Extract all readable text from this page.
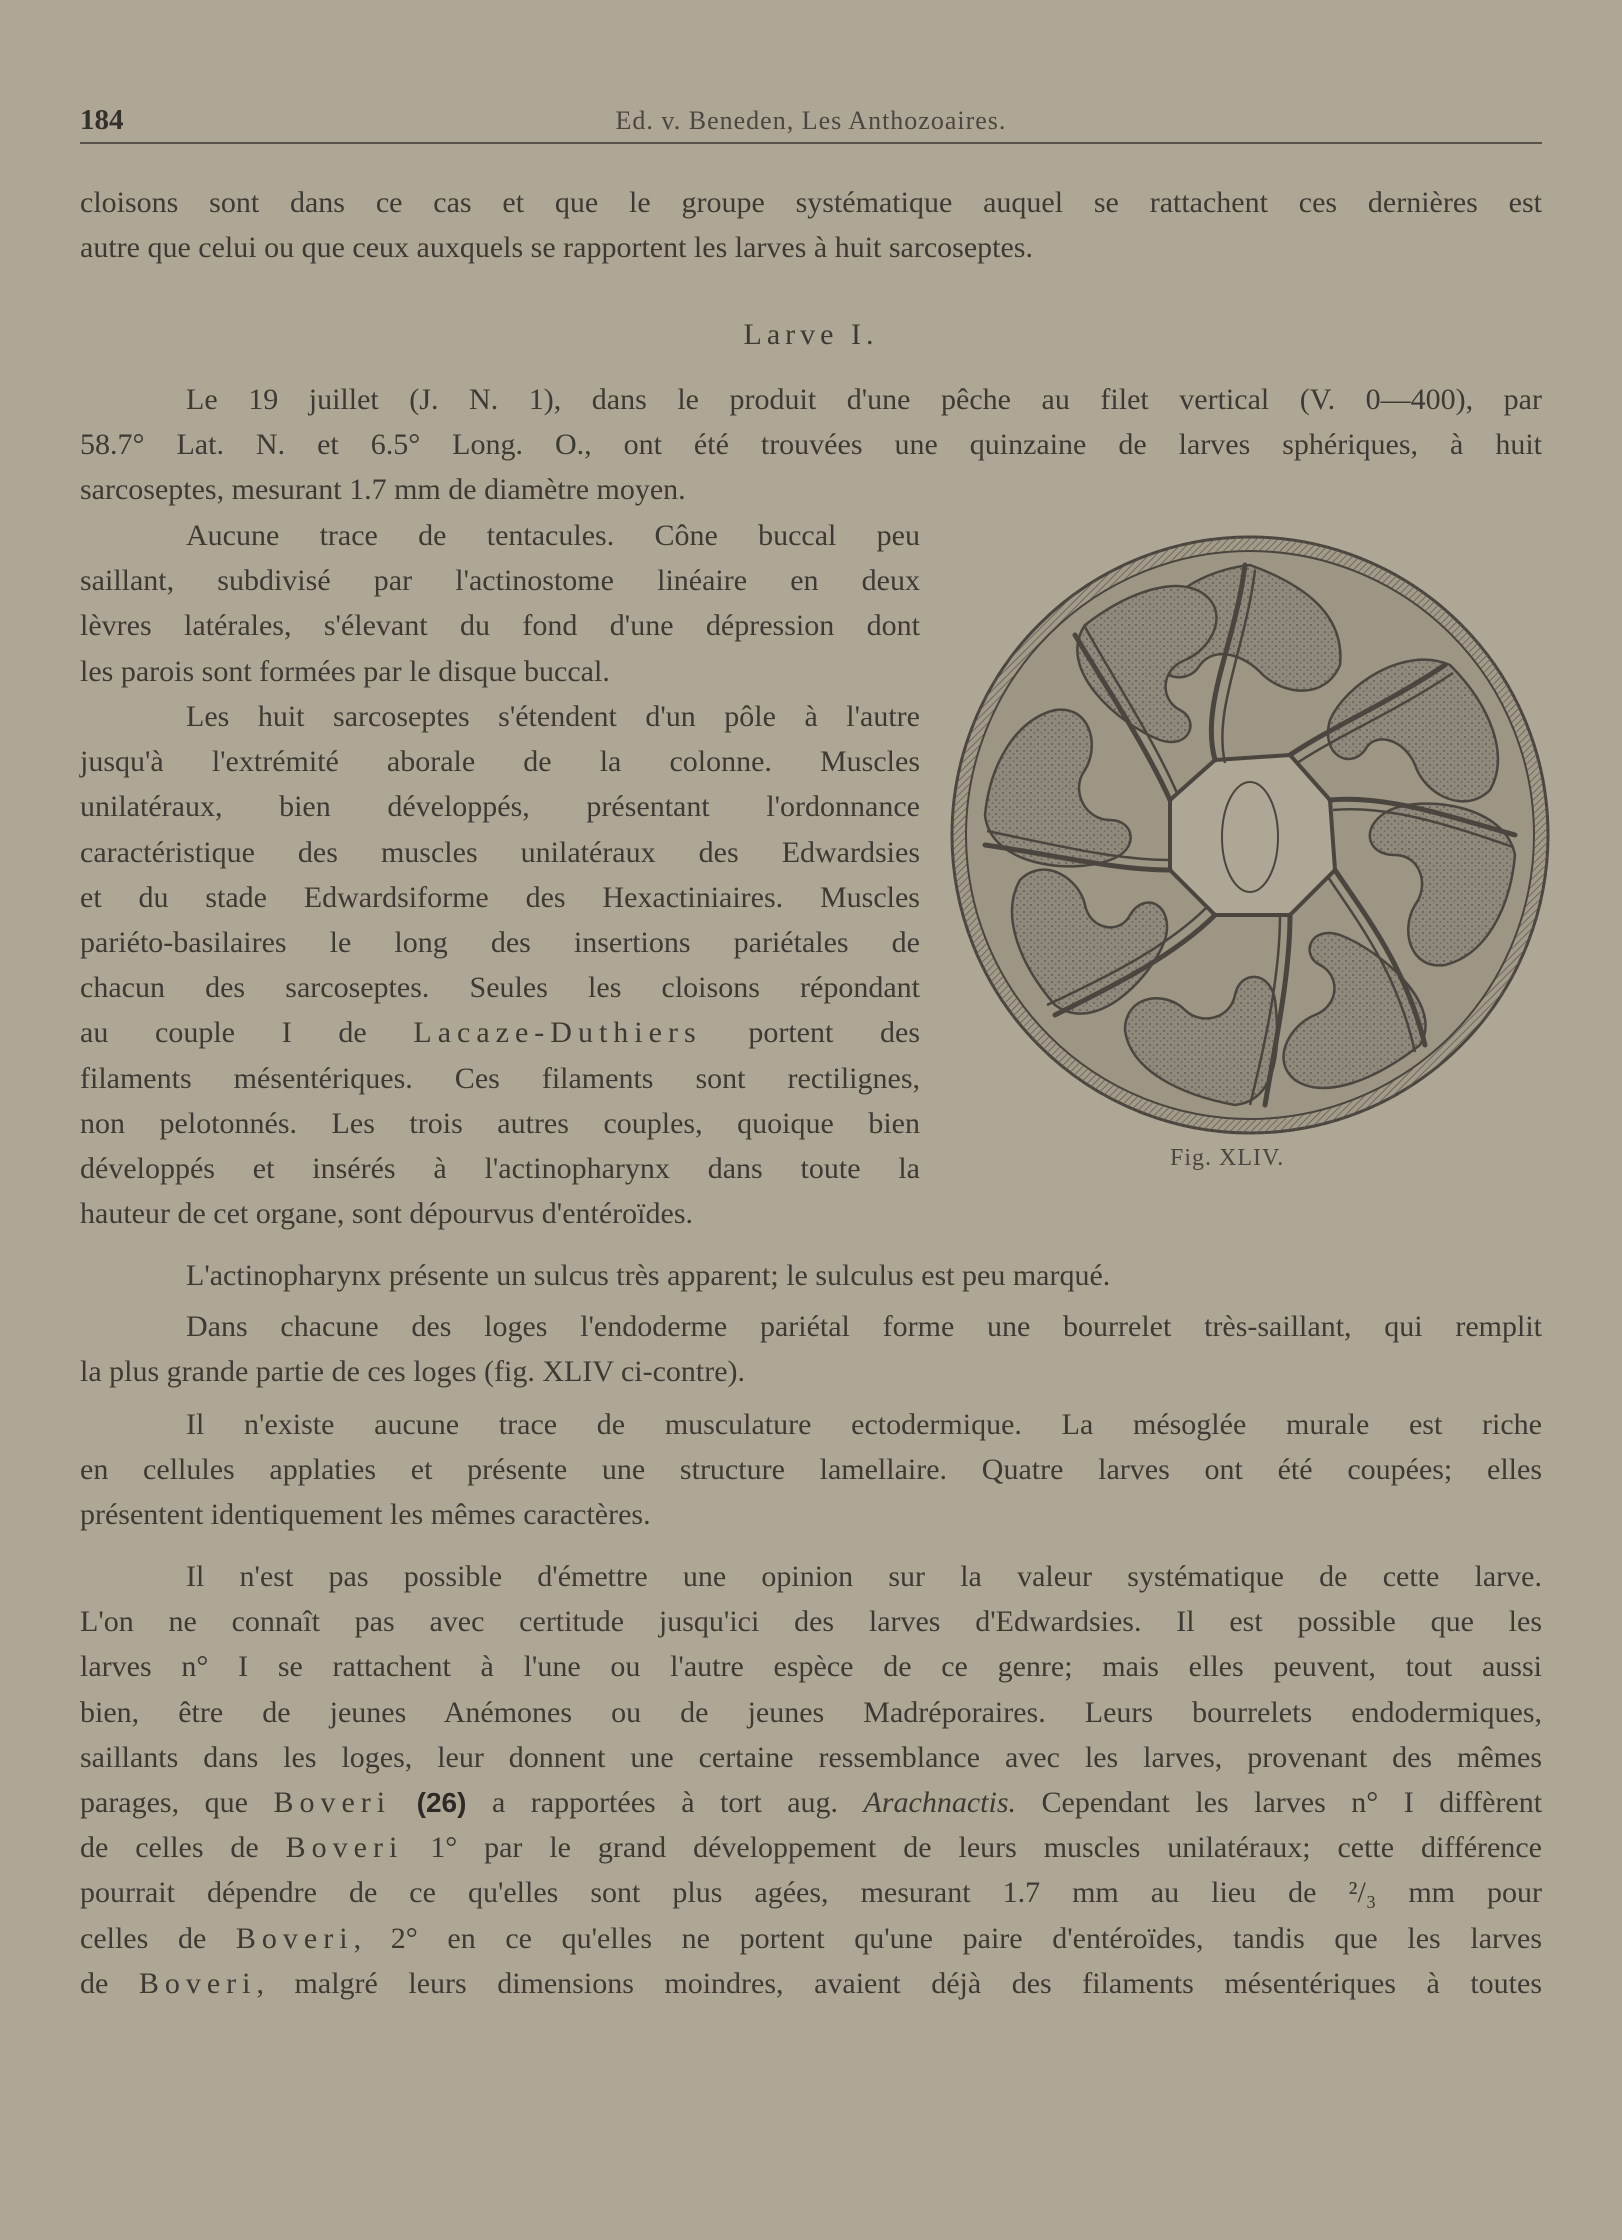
184	Ed. v. Beneden, Les Anthozoaires.

cloisons sont dans ce cas et que le groupe systématique auquel se rattachent ces dernières est
autre que celui ou que ceux auxquels se rapportent les larves à huit sarcoseptes.

Larve I.

Le 19 juillet (J. N. 1), dans le produit d'une pêche au filet vertical (V. 0—400), par
58.7° Lat. N. et 6.5° Long. O., ont été trouvées une quinzaine de larves sphériques, à huit
sarcoseptes, mesurant 1.7 mm de diamètre moyen.

Aucune trace de tentacules. Cône buccal peu
saillant, subdivisé par l'actinostome linéaire en deux
lèvres latérales, s'élevant du fond d'une dépression dont
les parois sont formées par le disque buccal.

Les huit sarcoseptes s'étendent d'un pôle à l'autre
jusqu'à l'extrémité aborale de la colonne. Muscles
unilatéraux, bien développés, présentant l'ordonnance
caractéristique des muscles unilatéraux des Edwardsies
et du stade Edwardsiforme des Hexactiniaires. Muscles
pariéto-basilaires le long des insertions pariétales de
chacun des sarcoseptes. Seules les cloisons répondant
au couple I de Lacaze-Duthiers portent des
filaments mésentériques. Ces filaments sont rectilignes,
non pelotonnés. Les trois autres couples, quoique bien
développés et insérés à l'actinopharynx dans toute la
hauteur de cet organe, sont dépourvus d'entéroïdes.

Fig. XLIV.

L'actinopharynx présente un sulcus très apparent; le sulculus est peu marqué.

Dans chacune des loges l'endoderme pariétal forme une bourrelet très-saillant, qui remplit
la plus grande partie de ces loges (fig. XLIV ci-contre).

Il n'existe aucune trace de musculature ectodermique. La mésoglée murale est riche
en cellules applaties et présente une structure lamellaire. Quatre larves ont été coupées; elles
présentent identiquement les mêmes caractères.

Il n'est pas possible d'émettre une opinion sur la valeur systématique de cette larve.
L'on ne connaît pas avec certitude jusqu'ici des larves d'Edwardsies. Il est possible que les
larves n° I se rattachent à l'une ou l'autre espèce de ce genre; mais elles peuvent, tout aussi
bien, être de jeunes Anémones ou de jeunes Madréporaires. Leurs bourrelets endodermiques,
saillants dans les loges, leur donnent une certaine ressemblance avec les larves, provenant des mêmes
parages, que Boveri (26) a rapportées à tort aug. Arachnactis. Cependant les larves n° I diffèrent
de celles de Boveri 1° par le grand développement de leurs muscles unilatéraux; cette différence
pourrait dépendre de ce qu'elles sont plus agées, mesurant 1.7 mm au lieu de ²/₃ mm pour
celles de Boveri, 2° en ce qu'elles ne portent qu'une paire d'entéroïdes, tandis que les larves
de Boveri, malgré leurs dimensions moindres, avaient déjà des filaments mésentériques à toutes
